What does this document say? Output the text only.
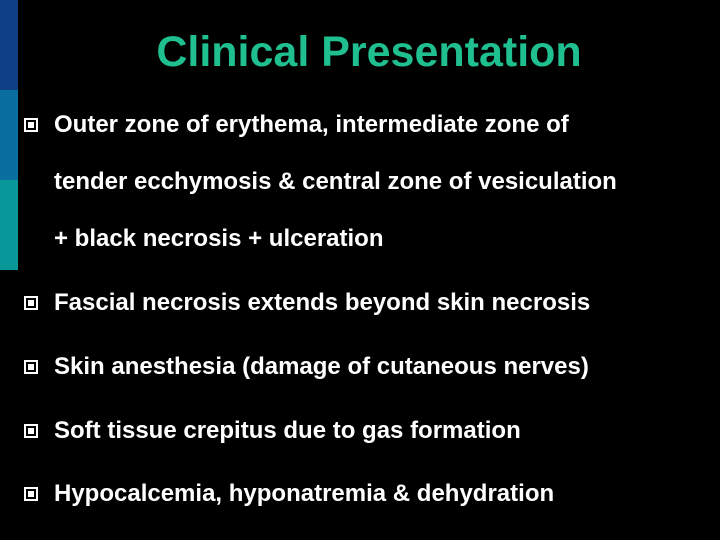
Clinical Presentation
Outer zone of erythema, intermediate zone of
tender ecchymosis & central zone of vesiculation
+ black necrosis + ulceration
Fascial necrosis extends beyond skin necrosis
Skin anesthesia (damage of cutaneous nerves)
Soft tissue crepitus due to gas formation
Hypocalcemia, hyponatremia & dehydration
